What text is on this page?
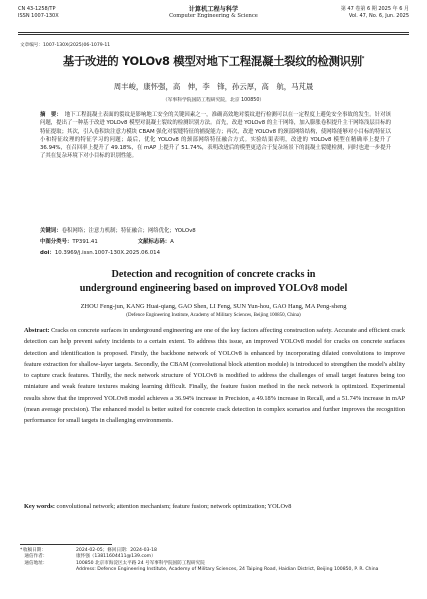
CN 43-1258/TP
ISSN 1007-130X
计算机工程与科学
Computer Engineering & Science
第 47 卷第 6 期 2025 年 6 月
Vol. 47, No. 6, Jun. 2025
文章编号：1007-130X(2025)06-1079-11
基于改进的 YOLOv8 模型对地下工程混凝土裂纹的检测识别*
周丰峻，康怀强，高　伸，李　锋，孙云厚，高　航，马芃晟
（军事科学院国防工程研究院，北京 100850）
摘　要： 地下工程混凝土表面的裂纹是影响地工安全的关键因素之一，准确高效地对裂纹进行检测可以在一定程度上避免安全事故的发生。针对该问题，提出了一种基于改进 YOLOv8 模型对混凝土裂纹的检测识别方法。首先，改进 YOLOv8 的主干网络，加入膨胀卷积提升主干网络浅层目标的特征提取；其次，引入卷积块注意力模块 CBAM 强化对裂缝特征的捕捉能力；再次，改进 YOLOv8 的颈部网络结构，使网络能够对小目标的特征以小和特征纹理的特征学习的问题；最后，优化 YOLOv8 的颈部网络特征融合方式。实验结果表明，改进的 YOLOv8 模型在精确率上提升了 36.94%，在召回率上提升了 49.18%，在 mAP 上提升了 51.74%，表明改进后的模型更适合于复杂场景下的混凝土裂缝检测，同时也进一步提升了其在复杂环境下对小目标的识别性能。
关键词：卷积网络；注意力机制；特征融合；网络优化；YOLOv8
中图分类号：TP391.41	文献标志码：A
doi：10.3969/j.issn.1007-130X.2025.06.014
Detection and recognition of concrete cracks in
underground engineering based on improved YOLOv8 model
ZHOU Feng-jun, KANG Huai-qiang, GAO Shen, LI Feng, SUN Yun-hou, GAO Hang, MA Peng-sheng
(Defence Engineering Institute, Academy of Military Sciences, Beijing 100850, China)
Abstract: Cracks on concrete surfaces in underground engineering are one of the key factors affecting construction safety. Accurate and efficient crack detection can help prevent safety incidents to a certain extent. To address this issue, an improved YOLOv8 model for cracks on concrete surfaces detection and identification is proposed. Firstly, the backbone network of YOLOv8 is enhanced by incorporating dilated convolutions to improve feature extraction for shallow-layer targets. Secondly, the CBAM (convolutional block attention module) is introduced to strengthen the model's ability to capture crack features. Thirdly, the neck network structure of YOLOv8 is modified to address the challenges of small target features being too miniature and weak feature textures making learning difficult. Finally, the feature fusion method in the neck network is optimized. Experimental results show that the improved YOLOv8 model achieves a 36.94% increase in Precision, a 49.18% increase in Recall, and a 51.74% increase in mAP (mean average precision). The enhanced model is better suited for concrete crack detection in complex scenarios and further improves the recognition performance for small targets in challenging environments.
Key words: convolutional network; attention mechanism; feature fusion; network optimization; YOLOv8
* 收稿日期：	2024-02-05；修回日期：2024-03-18
通信作者：	康怀强（13811604411@139.com）
通信地址：	100850 北京市海淀区太平路 24 号军事科学院国防工程研究院
Address: Defence Engineering Institute, Academy of Military Sciences, 24 Taiping Road, Haidian District, Beijing 100850, P. R. China
